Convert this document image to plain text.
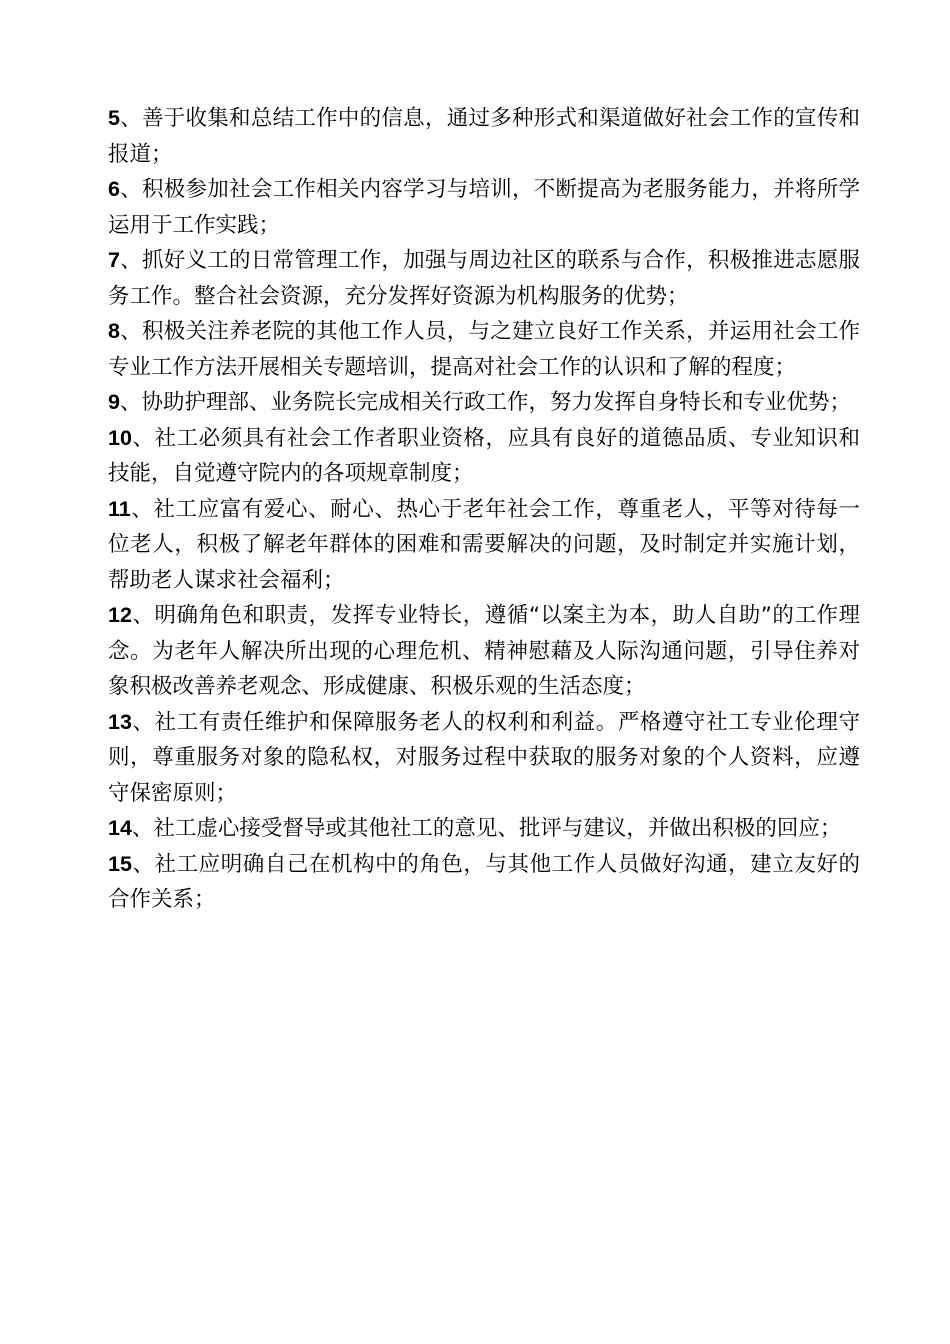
5、善于收集和总结工作中的信息，通过多种形式和渠道做好社会工作的宣传和报道；

6、积极参加社会工作相关内容学习与培训，不断提高为老服务能力，并将所学运用于工作实践；

7、抓好义工的日常管理工作，加强与周边社区的联系与合作，积极推进志愿服务工作。整合社会资源，充分发挥好资源为机构服务的优势；

8、积极关注养老院的其他工作人员，与之建立良好工作关系，并运用社会工作专业工作方法开展相关专题培训，提高对社会工作的认识和了解的程度；

9、协助护理部、业务院长完成相关行政工作，努力发挥自身特长和专业优势；

10、社工必须具有社会工作者职业资格，应具有良好的道德品质、专业知识和技能，自觉遵守院内的各项规章制度；

11、社工应富有爱心、耐心、热心于老年社会工作，尊重老人，平等对待每一位老人，积极了解老年群体的困难和需要解决的问题，及时制定并实施计划，帮助老人谋求社会福利；

12、明确角色和职责，发挥专业特长，遵循“以案主为本，助人自助”的工作理念。为老年人解决所出现的心理危机、精神慰藉及人际沟通问题，引导住养对象积极改善养老观念、形成健康、积极乐观的生活态度；

13、社工有责任维护和保障服务老人的权利和利益。严格遵守社工专业伦理守则，尊重服务对象的隐私权，对服务过程中获取的服务对象的个人资料，应遵守保密原则；

14、社工虚心接受督导或其他社工的意见、批评与建议，并做出积极的回应；

15、社工应明确自己在机构中的角色，与其他工作人员做好沟通，建立友好的合作关系；
